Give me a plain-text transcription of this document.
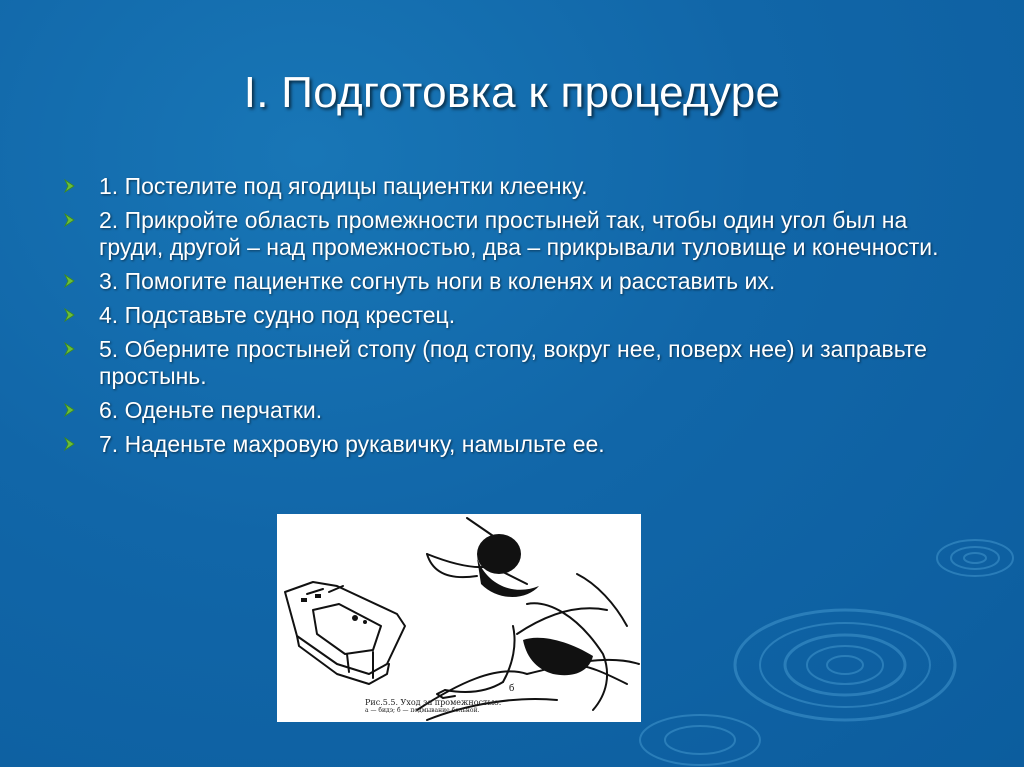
I. Подготовка к процедуре
1. Постелите под ягодицы пациентки клеенку.
2. Прикройте область промежности простыней так, чтобы один угол был на груди, другой – над промежностью, два – прикрывали туловище и конечности.
3. Помогите пациентке согнуть ноги в коленях и расставить их.
4. Подставьте судно под крестец.
5. Оберните простыней стопу (под стопу, вокруг нее, поверх нее) и заправьте простынь.
6. Оденьте перчатки.
7. Наденьте махровую рукавичку, намыльте ее.
Рис.5.5. Уход за промежностью.
а — бидэ; б — подмывание больной.
б
